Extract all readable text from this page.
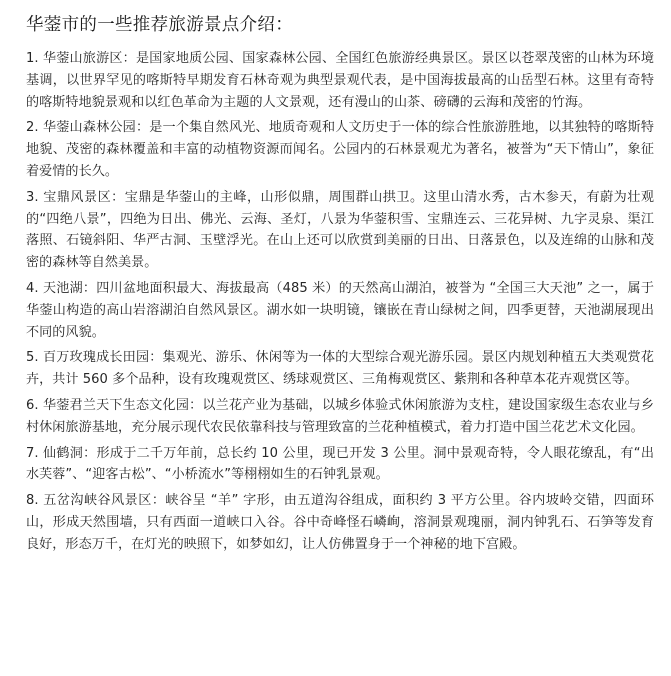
华蓥市的一些推荐旅游景点介绍：

1. 华蓥山旅游区：是国家地质公园、国家森林公园、全国红色旅游经典景区。景区以苍翠茂密的山林为环境基调，以世界罕见的喀斯特早期发育石林奇观为典型景观代表，是中国海拔最高的山岳型石林。这里有奇特的喀斯特地貌景观和以红色革命为主题的人文景观，还有漫山的山茶、磅礴的云海和茂密的竹海。

2. 华蓥山森林公园：是一个集自然风光、地质奇观和人文历史于一体的综合性旅游胜地，以其独特的喀斯特地貌、茂密的森林覆盖和丰富的动植物资源而闻名。公园内的石林景观尤为著名，被誉为“天下情山”，象征着爱情的长久。

3. 宝鼎风景区：宝鼎是华蓥山的主峰，山形似鼎，周围群山拱卫。这里山清水秀，古木参天，有蔚为壮观的“四绝八景”，四绝为日出、佛光、云海、圣灯，八景为华蓥积雪、宝鼎连云、三花异树、九字灵泉、渠江落照、石镜斜阳、华严古洞、玉壁浮光。在山上还可以欣赏到美丽的日出、日落景色，以及连绵的山脉和茂密的森林等自然美景。

4. 天池湖：四川盆地面积最大、海拔最高（485 米）的天然高山湖泊，被誉为 “全国三大天池” 之一，属于华蓥山构造的高山岩溶湖泊自然风景区。湖水如一块明镜，镶嵌在青山绿树之间，四季更替，天池湖展现出不同的风貌。

5. 百万玫瑰成长田园：集观光、游乐、休闲等为一体的大型综合观光游乐园。景区内规划种植五大类观赏花卉，共计 560 多个品种，设有玫瑰观赏区、绣球观赏区、三角梅观赏区、紫荆和各种草本花卉观赏区等。

6. 华蓥君兰天下生态文化园：以兰花产业为基础，以城乡体验式休闲旅游为支柱，建设国家级生态农业与乡村休闲旅游基地，充分展示现代农民依靠科技与管理致富的兰花种植模式，着力打造中国兰花艺术文化园。

7. 仙鹤洞：形成于二千万年前，总长约 10 公里，现已开发 3 公里。洞中景观奇特，令人眼花缭乱，有“出水芙蓉”、“迎客古松”、“小桥流水”等栩栩如生的石钟乳景观。

8. 五岔沟峡谷风景区：峡谷呈 “羊” 字形，由五道沟谷组成，面积约 3 平方公里。谷内坡岭交错，四面环山，形成天然围墙，只有西面一道峡口入谷。谷中奇峰怪石嶙峋，溶洞景观瑰丽，洞内钟乳石、石笋等发育良好，形态万千，在灯光的映照下，如梦如幻，让人仿佛置身于一个神秘的地下宫殿。
